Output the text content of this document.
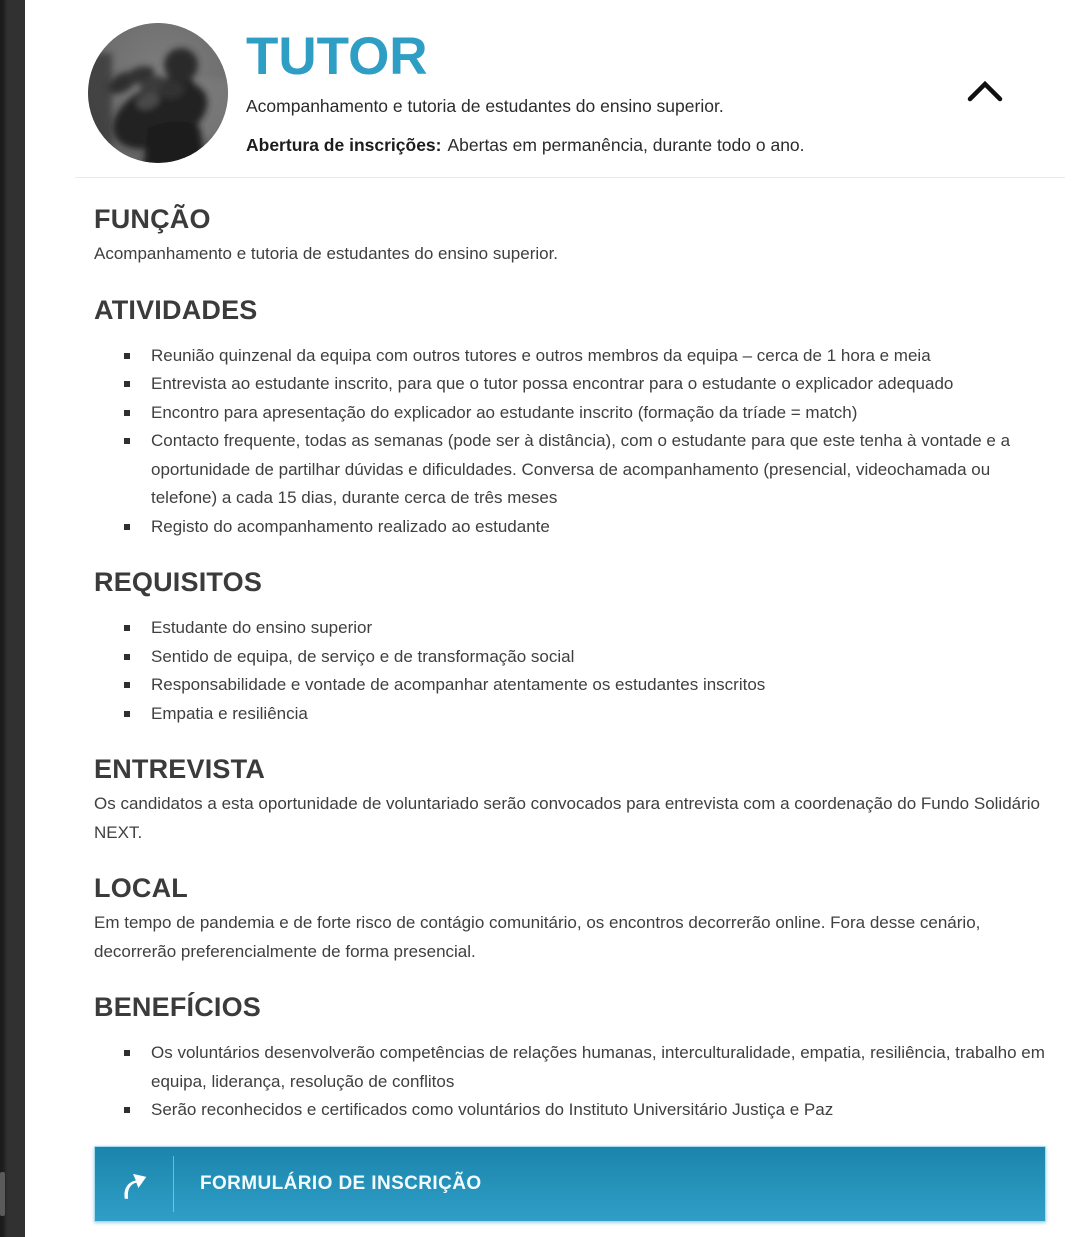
TUTOR

Acompanhamento e tutoria de estudantes do ensino superior.

Abertura de inscrições: Abertas em permanência, durante todo o ano.

FUNÇÃO

Acompanhamento e tutoria de estudantes do ensino superior.

ATIVIDADES
Reunião quinzenal da equipa com outros tutores e outros membros da equipa – cerca de 1 hora e meia
Entrevista ao estudante inscrito, para que o tutor possa encontrar para o estudante o explicador adequado
Encontro para apresentação do explicador ao estudante inscrito (formação da tríade = match)
Contacto frequente, todas as semanas (pode ser à distância), com o estudante para que este tenha à vontade e a oportunidade de partilhar dúvidas e dificuldades. Conversa de acompanhamento (presencial, videochamada ou telefone) a cada 15 dias, durante cerca de três meses
Registo do acompanhamento realizado ao estudante
REQUISITOS
Estudante do ensino superior
Sentido de equipa, de serviço e de transformação social
Responsabilidade e vontade de acompanhar atentamente os estudantes inscritos
Empatia e resiliência
ENTREVISTA

Os candidatos a esta oportunidade de voluntariado serão convocados para entrevista com a coordenação do Fundo Solidário NEXT.

LOCAL

Em tempo de pandemia e de forte risco de contágio comunitário, os encontros decorrerão online. Fora desse cenário, decorrerão preferencialmente de forma presencial.

BENEFÍCIOS
Os voluntários desenvolverão competências de relações humanas, interculturalidade, empatia, resiliência, trabalho em equipa, liderança, resolução de conflitos
Serão reconhecidos e certificados como voluntários do Instituto Universitário Justiça e Paz
FORMULÁRIO DE INSCRIÇÃO
